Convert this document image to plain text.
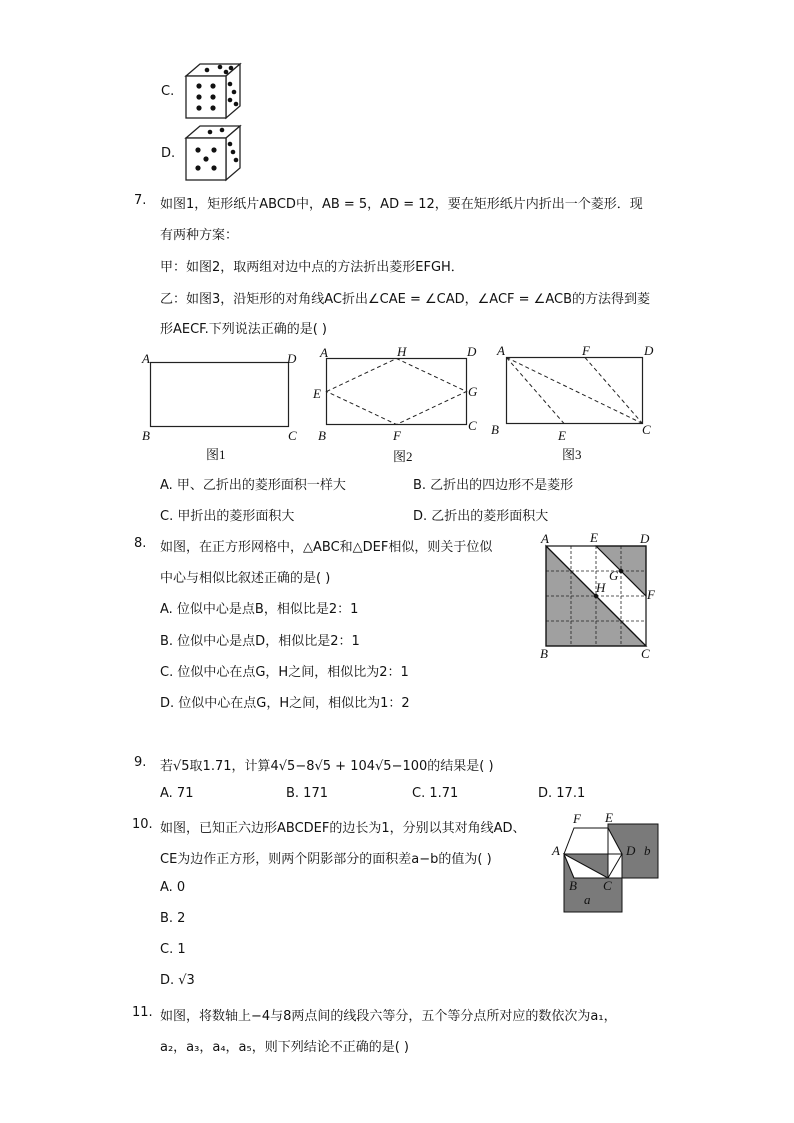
C.
D.
7. 如图1，矩形纸片ABCD中，AB = 5，AD = 12，要在矩形纸片内折出一个菱形．现
有两种方案：
甲：如图2，取两组对边中点的方法折出菱形EFGH．
乙：如图3，沿矩形的对角线AC折出∠CAE = ∠CAD，∠ACF = ∠ACB的方法得到菱
形AECF.下列说法正确的是( )
A	D
B	C
图1
A	H	D
E	G
B	F
C
图2
A	F	D
B	E	C
图3
A. 甲、乙折出的菱形面积一样大	B. 乙折出的四边形不是菱形
C. 甲折出的菱形面积大	D. 乙折出的菱形面积大
8. 如图，在正方形网格中，△ABC和△DEF相似，则关于位似
中心与相似比叙述正确的是( )
A. 位似中心是点B，相似比是2：1
B. 位似中心是点D，相似比是2：1
C. 位似中心在点G，H之间，相似比为2：1
D. 位似中心在点G，H之间，相似比为1：2
A	E	D
G
F
H
B	C
9. 若√5取1.71，计算4√5−8√5 + 104√5−100的结果是( )
A. 71	B. 171	C. 1.71	D. 17.1
10. 如图，已知正六边形ABCDEF的边长为1，分别以其对角线AD、
CE为边作正方形，则两个阴影部分的面积差a−b的值为( )
A. 0
B. 2
C. 1
D. √3
F E
A	D b
B C
a
11. 如图，将数轴上−4与8两点间的线段六等分，五个等分点所对应的数依次为a₁，
a₂，a₃，a₄，a₅，则下列结论不正确的是( )
